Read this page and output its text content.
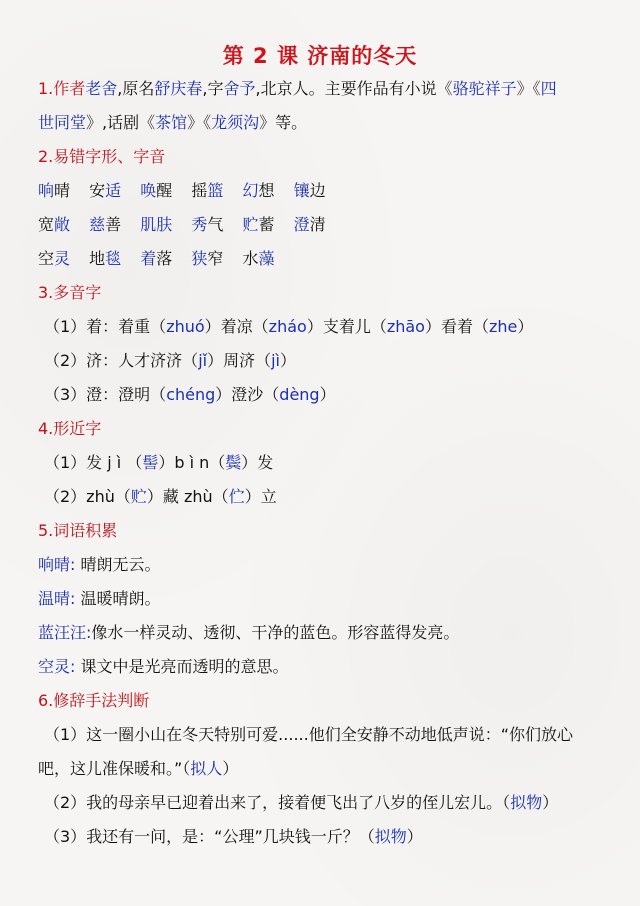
第 2 课 济南的冬天
1.作者老舍,原名舒庆春,字舍予,北京人。主要作品有小说《骆驼祥子》《四
世同堂》,话剧《茶馆》《龙须沟》等。
2.易错字形、字音
响晴 安适 唤醒 摇篮 幻想 镶边
宽敞 慈善 肌肤 秀气 贮蓄 澄清
空灵 地毯 着落 狭窄 水藻
3.多音字
（1）着：着重（zhuó）着凉（zháo）支着儿（zhāo）看着（zhe）
（2）济：人才济济（jǐ）周济（jì）
（3）澄：澄明（chéng）澄沙（dèng）
4.形近字
（1）发 j ì （髻）b ì n（鬓）发
（2）zhù（贮）藏 zhù（伫）立
5.词语积累
响晴: 晴朗无云。
温晴: 温暖晴朗。
蓝汪汪:像水一样灵动、透彻、干净的蓝色。形容蓝得发亮。
空灵: 课文中是光亮而透明的意思。
6.修辞手法判断
（1）这一圈小山在冬天特别可爱......他们全安静不动地低声说：“你们放心
吧，这儿准保暖和。”（拟人）
（2）我的母亲早已迎着出来了，接着便飞出了八岁的侄儿宏儿。（拟物）
（3）我还有一问，是：“公理”几块钱一斤？（拟物）
